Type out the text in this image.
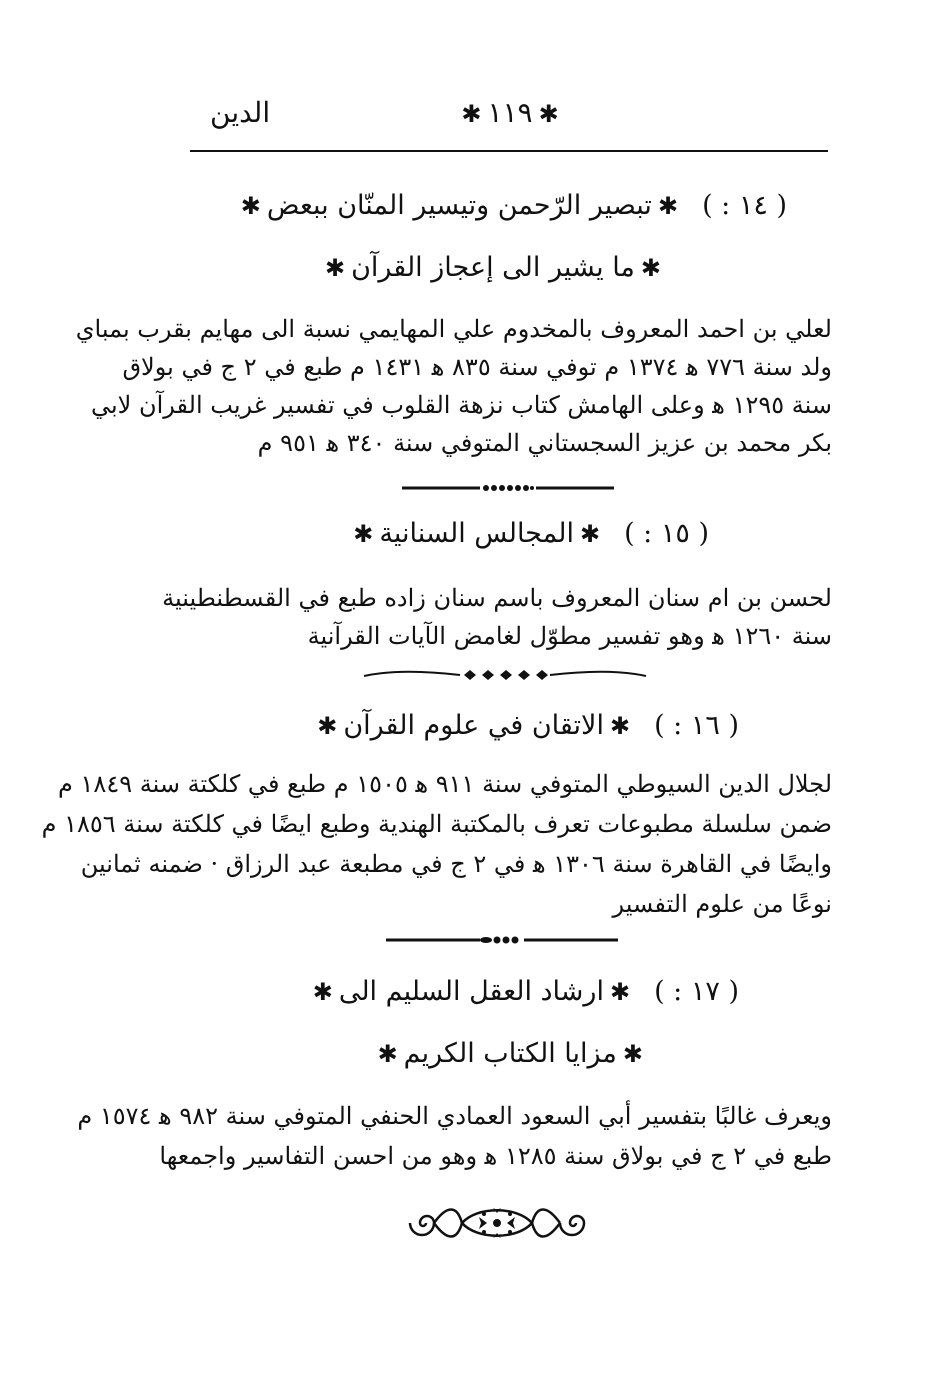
الدين	✱١١٩✱
( ١٤ : )✱تبصير الرّحمن وتيسير المنّان ببعض✱
✱ما يشير الى إعجاز القرآن✱
لعلي بن احمد المعروف بالمخدوم علي المهايمي نسبة الى مهايم بقرب بمباي
ولد سنة ٧٧٦ ﻫ ١٣٧٤ م توفي سنة ٨٣٥ ﻫ ١٤٣١ م طبع في ٢ ج في بولاق
سنة ١٢٩٥ ﻫ وعلى الهامش كتاب نزهة القلوب في تفسير غريب القرآن لابي
بكر محمد بن عزيز السجستاني المتوفي سنة ٣٤٠ ﻫ ٩٥١ م
( ١٥ : )✱المجالس السنانية✱
لحسن بن ام سنان المعروف باسم سنان زاده طبع في القسطنطينية
سنة ١٢٦٠ ﻫ وهو تفسير مطوّل لغامض الآيات القرآنية
( ١٦ : )✱الاتقان في علوم القرآن✱
لجلال الدين السيوطي المتوفي سنة ٩١١ ﻫ ١٥٠٥ م طبع في كلكتة سنة ١٨٤٩ م
ضمن سلسلة مطبوعات تعرف بالمكتبة الهندية وطبع ايضًا في كلكتة سنة ١٨٥٦ م
وايضًا في القاهرة سنة ١٣٠٦ ﻫ في ٢ ج في مطبعة عبد الرزاق · ضمنه ثمانين
نوعًا من علوم التفسير
( ١٧ : )✱ارشاد العقل السليم الى✱
✱مزايا الكتاب الكريم✱
ويعرف غالبًا بتفسير أبي السعود العمادي الحنفي المتوفي سنة ٩٨٢ ﻫ ١٥٧٤ م
طبع في ٢ ج في بولاق سنة ١٢٨٥ ﻫ وهو من احسن التفاسير واجمعها
